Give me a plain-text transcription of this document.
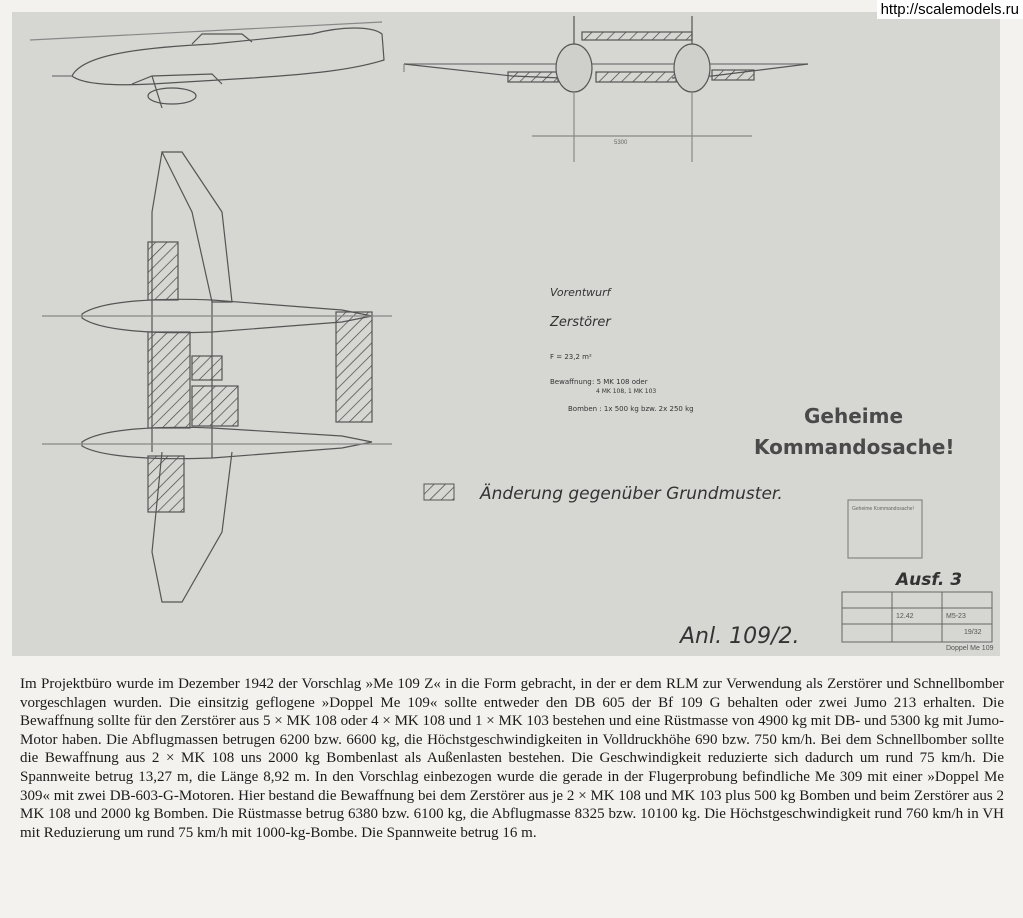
5300
Geheime Kommandosache!
12.42	M5-23
19/32
Doppel Me 109
Vorentwurf
Zerstörer
F = 23,2 m²
Bewaffnung : 5 MK 108 oder
4 MK 108, 1 MK 103
Bomben : 1x 500 kg bzw. 2x 250 kg	Geheime
Kommandosache!
Änderung gegenüber Grundmuster.
Ausf. 3
Anl. 109/2.
http://scalemodels.ru
Im Projektbüro wurde im Dezember 1942 der Vorschlag »Me 109 Z« in die Form gebracht, in der er dem RLM zur Verwendung als Zerstörer und Schnellbomber vorgeschlagen wurden. Die einsitzig geflogene »Doppel Me 109« sollte entweder den DB 605 der Bf 109 G behalten oder zwei Jumo 213 erhalten. Die Bewaffnung sollte für den Zerstörer aus 5 × MK 108 oder 4 × MK 108 und 1 × MK 103 bestehen und eine Rüstmasse von 4900 kg mit DB- und 5300 kg mit Jumo-Motor haben. Die Abflugmassen betrugen 6200 bzw. 6600 kg, die Höchstgeschwindigkeiten in Volldruckhöhe 690 bzw. 750 km/h. Bei dem Schnellbomber sollte die Bewaffnung aus 2 × MK 108 uns 2000 kg Bombenlast als Außenlasten bestehen. Die Geschwindigkeit reduzierte sich dadurch um rund 75 km/h. Die Spannweite betrug 13,27 m, die Länge 8,92 m. In den Vorschlag einbezogen wurde die gerade in der Flugerprobung befindliche Me 309 mit einer »Doppel Me 309« mit zwei DB-603-G-Motoren. Hier bestand die Bewaffnung bei dem Zerstörer aus je 2 × MK 108 und MK 103 plus 500 kg Bomben und beim Zerstörer aus 2 MK 108 und 2000 kg Bomben. Die Rüstmasse betrug 6380 bzw. 6100 kg, die Abflugmasse 8325 bzw. 10100 kg. Die Höchstgeschwindigkeit rund 760 km/h in VH mit Reduzierung um rund 75 km/h mit 1000-kg-Bombe. Die Spannweite betrug 16 m.
